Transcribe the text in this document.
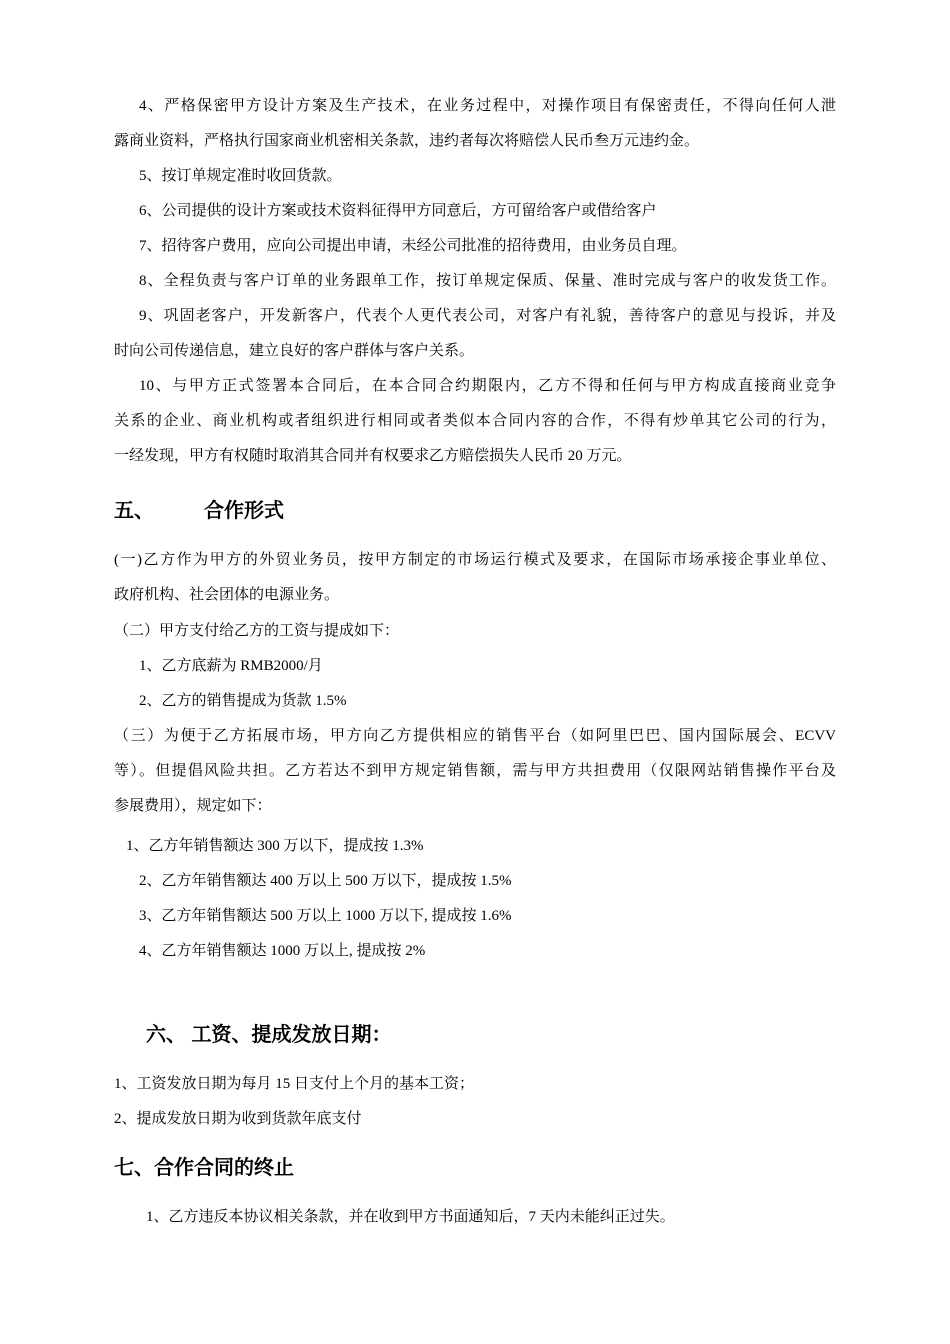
4、严格保密甲方设计方案及生产技术，在业务过程中，对操作项目有保密责任，不得向任何人泄
露商业资料，严格执行国家商业机密相关条款，违约者每次将赔偿人民币叁万元违约金。
5、按订单规定准时收回货款。
6、公司提供的设计方案或技术资料征得甲方同意后，方可留给客户或借给客户
7、招待客户费用，应向公司提出申请，未经公司批准的招待费用，由业务员自理。
8、全程负责与客户订单的业务跟单工作，按订单规定保质、保量、准时完成与客户的收发货工作。
9、巩固老客户，开发新客户，代表个人更代表公司，对客户有礼貌，善待客户的意见与投诉，并及
时向公司传递信息，建立良好的客户群体与客户关系。
10、与甲方正式签署本合同后，在本合同合约期限内，乙方不得和任何与甲方构成直接商业竞争
关系的企业、商业机构或者组织进行相同或者类似本合同内容的合作，不得有炒单其它公司的行为，
一经发现，甲方有权随时取消其合同并有权要求乙方赔偿损失人民币 20 万元。
五、	合作形式
(一)乙方作为甲方的外贸业务员，按甲方制定的市场运行模式及要求，在国际市场承接企事业单位、
政府机构、社会团体的电源业务。
（二）甲方支付给乙方的工资与提成如下：
1、乙方底薪为 RMB2000/月
2、乙方的销售提成为货款 1.5%
（三）为便于乙方拓展市场，甲方向乙方提供相应的销售平台（如阿里巴巴、国内国际展会、ECVV
等）。但提倡风险共担。乙方若达不到甲方规定销售额，需与甲方共担费用（仅限网站销售操作平台及
参展费用），规定如下：
1、乙方年销售额达 300 万以下，提成按 1.3%
2、乙方年销售额达 400 万以上 500 万以下，提成按 1.5%
3、乙方年销售额达 500 万以上 1000 万以下, 提成按 1.6%
4、乙方年销售额达 1000 万以上, 提成按 2%
六、 工资、提成发放日期：
1、工资发放日期为每月 15 日支付上个月的基本工资；
2、提成发放日期为收到货款年底支付
七、合作合同的终止
1、乙方违反本协议相关条款，并在收到甲方书面通知后，7 天内未能纠正过失。
